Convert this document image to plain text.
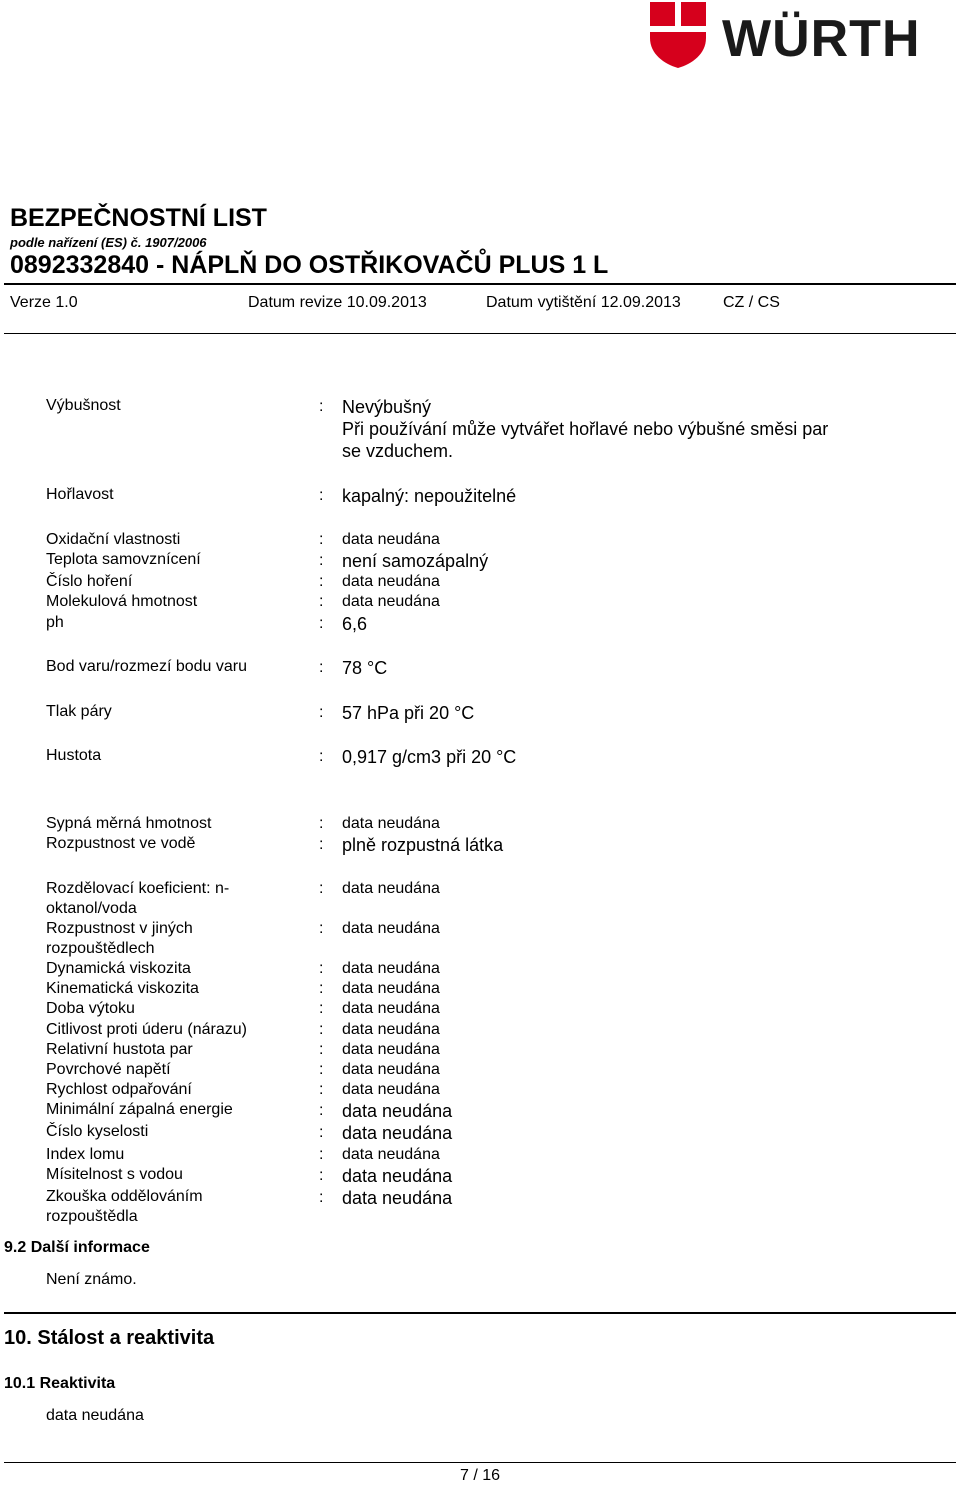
WÜRTH
BEZPEČNOSTNÍ LIST
podle nařízení (ES) č. 1907/2006
0892332840 - NÁPLŇ DO OSTŘIKOVAČŮ PLUS 1 L
Verze 1.0	Datum revize 10.09.2013	Datum vytištění 12.09.2013	CZ / CS
Výbušnost	: Nevýbušný
Při používání může vytvářet hořlavé nebo výbušné směsi par
se vzduchem.
Hořlavost	: kapalný: nepoužitelné
Oxidační vlastnosti	: data neudána
Teplota samovznícení	: není samozápalný
Číslo hoření	: data neudána
Molekulová hmotnost	: data neudána
ph	: 6,6
Bod varu/rozmezí bodu varu	: 78 °C
Tlak páry	: 57 hPa při 20 °C
Hustota	: 0,917 g/cm3 při 20 °C
Sypná měrná hmotnost	: data neudána
Rozpustnost ve vodě	: plně rozpustná látka
Rozdělovací koeficient: n-oktanol/voda
: data neudána
Rozpustnost v jiných rozpouštědlech
: data neudána
Dynamická viskozita	: data neudána
Kinematická viskozita	: data neudána
Doba výtoku	: data neudána
Citlivost proti úderu (nárazu)	: data neudána
Relativní hustota par	: data neudána
Povrchové napětí	: data neudána
Rychlost odpařování	: data neudána
Minimální zápalná energie	: data neudána
Číslo kyselosti	: data neudána
Index lomu	: data neudána
Mísitelnost s vodou	: data neudána
Zkouška oddělováním rozpouštědla
: data neudána
9.2 Další informace
Není známo.
10. Stálost a reaktivita
10.1 Reaktivita
data neudána
7 / 16
